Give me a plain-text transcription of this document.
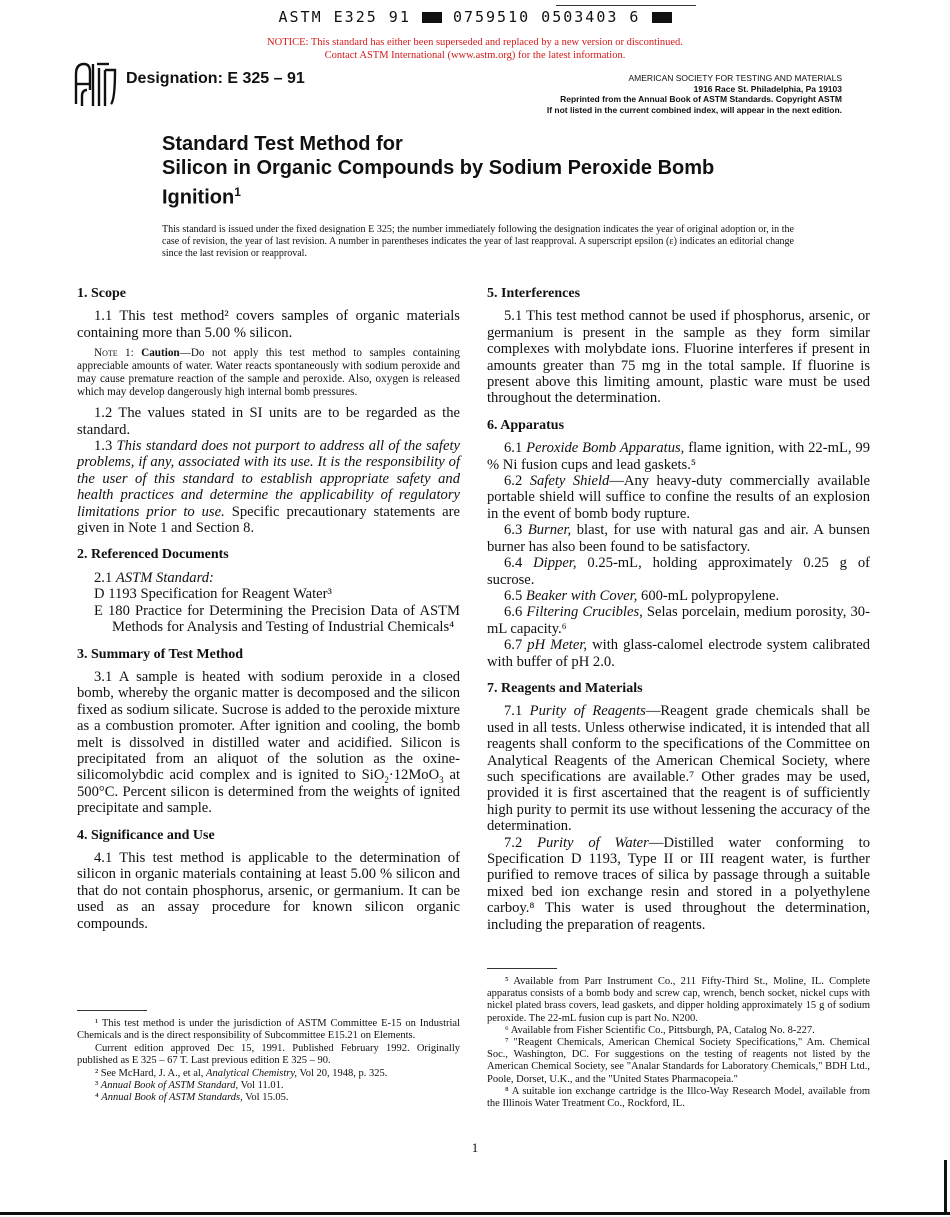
ASTM E325 91	0759510 0503403 6
NOTICE: This standard has either been superseded and replaced by a new version or discontinued.
Contact ASTM International (www.astm.org) for the latest information.
Designation: E 325 – 91	AMERICAN SOCIETY FOR TESTING AND MATERIALS
1916 Race St. Philadelphia, Pa 19103
Reprinted from the Annual Book of ASTM Standards. Copyright ASTM
If not listed in the current combined index, will appear in the next edition.
Standard Test Method for
Silicon in Organic Compounds by Sodium Peroxide Bomb
Ignition$^1$
This standard is issued under the fixed designation E 325; the number immediately following the designation indicates the year of original adoption or, in the case of revision, the year of last revision. A number in parentheses indicates the year of last reapproval. A superscript epsilon (ε) indicates an editorial change since the last revision or reapproval.
1. Scope

1.1 This test method² covers samples of organic materials containing more than 5.00 % silicon.

Note 1: Caution—Do not apply this test method to samples containing appreciable amounts of water. Water reacts spontaneously with sodium peroxide and may cause premature reaction of the sample and peroxide. Also, oxygen is released which may develop dangerously high internal bomb pressures.

1.2 The values stated in SI units are to be regarded as the standard.

1.3 This standard does not purport to address all of the safety problems, if any, associated with its use. It is the responsibility of the user of this standard to establish appropriate safety and health practices and determine the applicability of regulatory limitations prior to use. Specific precautionary statements are given in Note 1 and Section 8.

2. Referenced Documents

2.1 ASTM Standard:

D 1193 Specification for Reagent Water³

E 180 Practice for Determining the Precision Data of ASTM Methods for Analysis and Testing of Industrial Chemicals⁴

3. Summary of Test Method

3.1 A sample is heated with sodium peroxide in a closed bomb, whereby the organic matter is decomposed and the silicon fixed as sodium silicate. Sucrose is added to the peroxide mixture as a combustion promoter. After ignition and cooling, the bomb melt is dissolved in distilled water and acidified. Silicon is precipitated from an aliquot of the solution as the oxine-silicomolybdic acid complex and is ignited to SiO$_2$·12MoO$_3$ at 500°C. Percent silicon is determined from the weights of ignited precipitate and sample.

4. Significance and Use

4.1 This test method is applicable to the determination of silicon in organic materials containing at least 5.00 % silicon and that do not contain phosphorus, arsenic, or germanium. It can be used as an assay procedure for known silicon organic compounds.

5. Interferences

5.1 This test method cannot be used if phosphorus, arsenic, or germanium is present in the sample as they form similar complexes with molybdate ions. Fluorine interferes if present in amounts greater than 75 mg in the total sample. If fluorine is present above this limiting amount, plastic ware must be used throughout the determination.

6. Apparatus

6.1 Peroxide Bomb Apparatus, flame ignition, with 22-mL, 99 % Ni fusion cups and lead gaskets.⁵

6.2 Safety Shield—Any heavy-duty commercially available portable shield will suffice to confine the results of an explosion in the event of bomb body rupture.

6.3 Burner, blast, for use with natural gas and air. A bunsen burner has also been found to be satisfactory.

6.4 Dipper, 0.25-mL, holding approximately 0.25 g of sucrose.

6.5 Beaker with Cover, 600-mL polypropylene.

6.6 Filtering Crucibles, Selas porcelain, medium porosity, 30-mL capacity.⁶

6.7 pH Meter, with glass-calomel electrode system calibrated with buffer of pH 2.0.

7. Reagents and Materials

7.1 Purity of Reagents—Reagent grade chemicals shall be used in all tests. Unless otherwise indicated, it is intended that all reagents shall conform to the specifications of the Committee on Analytical Reagents of the American Chemical Society, where such specifications are available.⁷ Other grades may be used, provided it is first ascertained that the reagent is of sufficiently high purity to permit its use without lessening the accuracy of the determination.

7.2 Purity of Water—Distilled water conforming to Specification D 1193, Type II or III reagent water, is further purified to remove traces of silica by passage through a suitable mixed bed ion exchange resin and stored in a polyethylene carboy.⁸ This water is used throughout the determination, including the preparation of reagents.

¹ This test method is under the jurisdiction of ASTM Committee E-15 on Industrial Chemicals and is the direct responsibility of Subcommittee E15.21 on Elements.

Current edition approved Dec 15, 1991. Published February 1992. Originally published as E 325 – 67 T. Last previous edition E 325 – 90.

² See McHard, J. A., et al, Analytical Chemistry, Vol 20, 1948, p. 325.

³ Annual Book of ASTM Standard, Vol 11.01.

⁴ Annual Book of ASTM Standards, Vol 15.05.

⁵ Available from Parr Instrument Co., 211 Fifty-Third St., Moline, IL. Complete apparatus consists of a bomb body and screw cap, wrench, bench socket, nickel cups with nickel plated brass covers, lead gaskets, and dipper holding approximately 15 g of sodium peroxide. The 22-mL fusion cup is part No. N200.

⁶ Available from Fisher Scientific Co., Pittsburgh, PA, Catalog No. 8-227.

⁷ "Reagent Chemicals, American Chemical Society Specifications," Am. Chemical Soc., Washington, DC. For suggestions on the testing of reagents not listed by the American Chemical Society, see "Analar Standards for Laboratory Chemicals," BDH Ltd., Poole, Dorset, U.K., and the "United States Pharmacopeia."

⁸ A suitable ion exchange cartridge is the Illco-Way Research Model, available from the Illinois Water Treatment Co., Rockford, IL.

1
